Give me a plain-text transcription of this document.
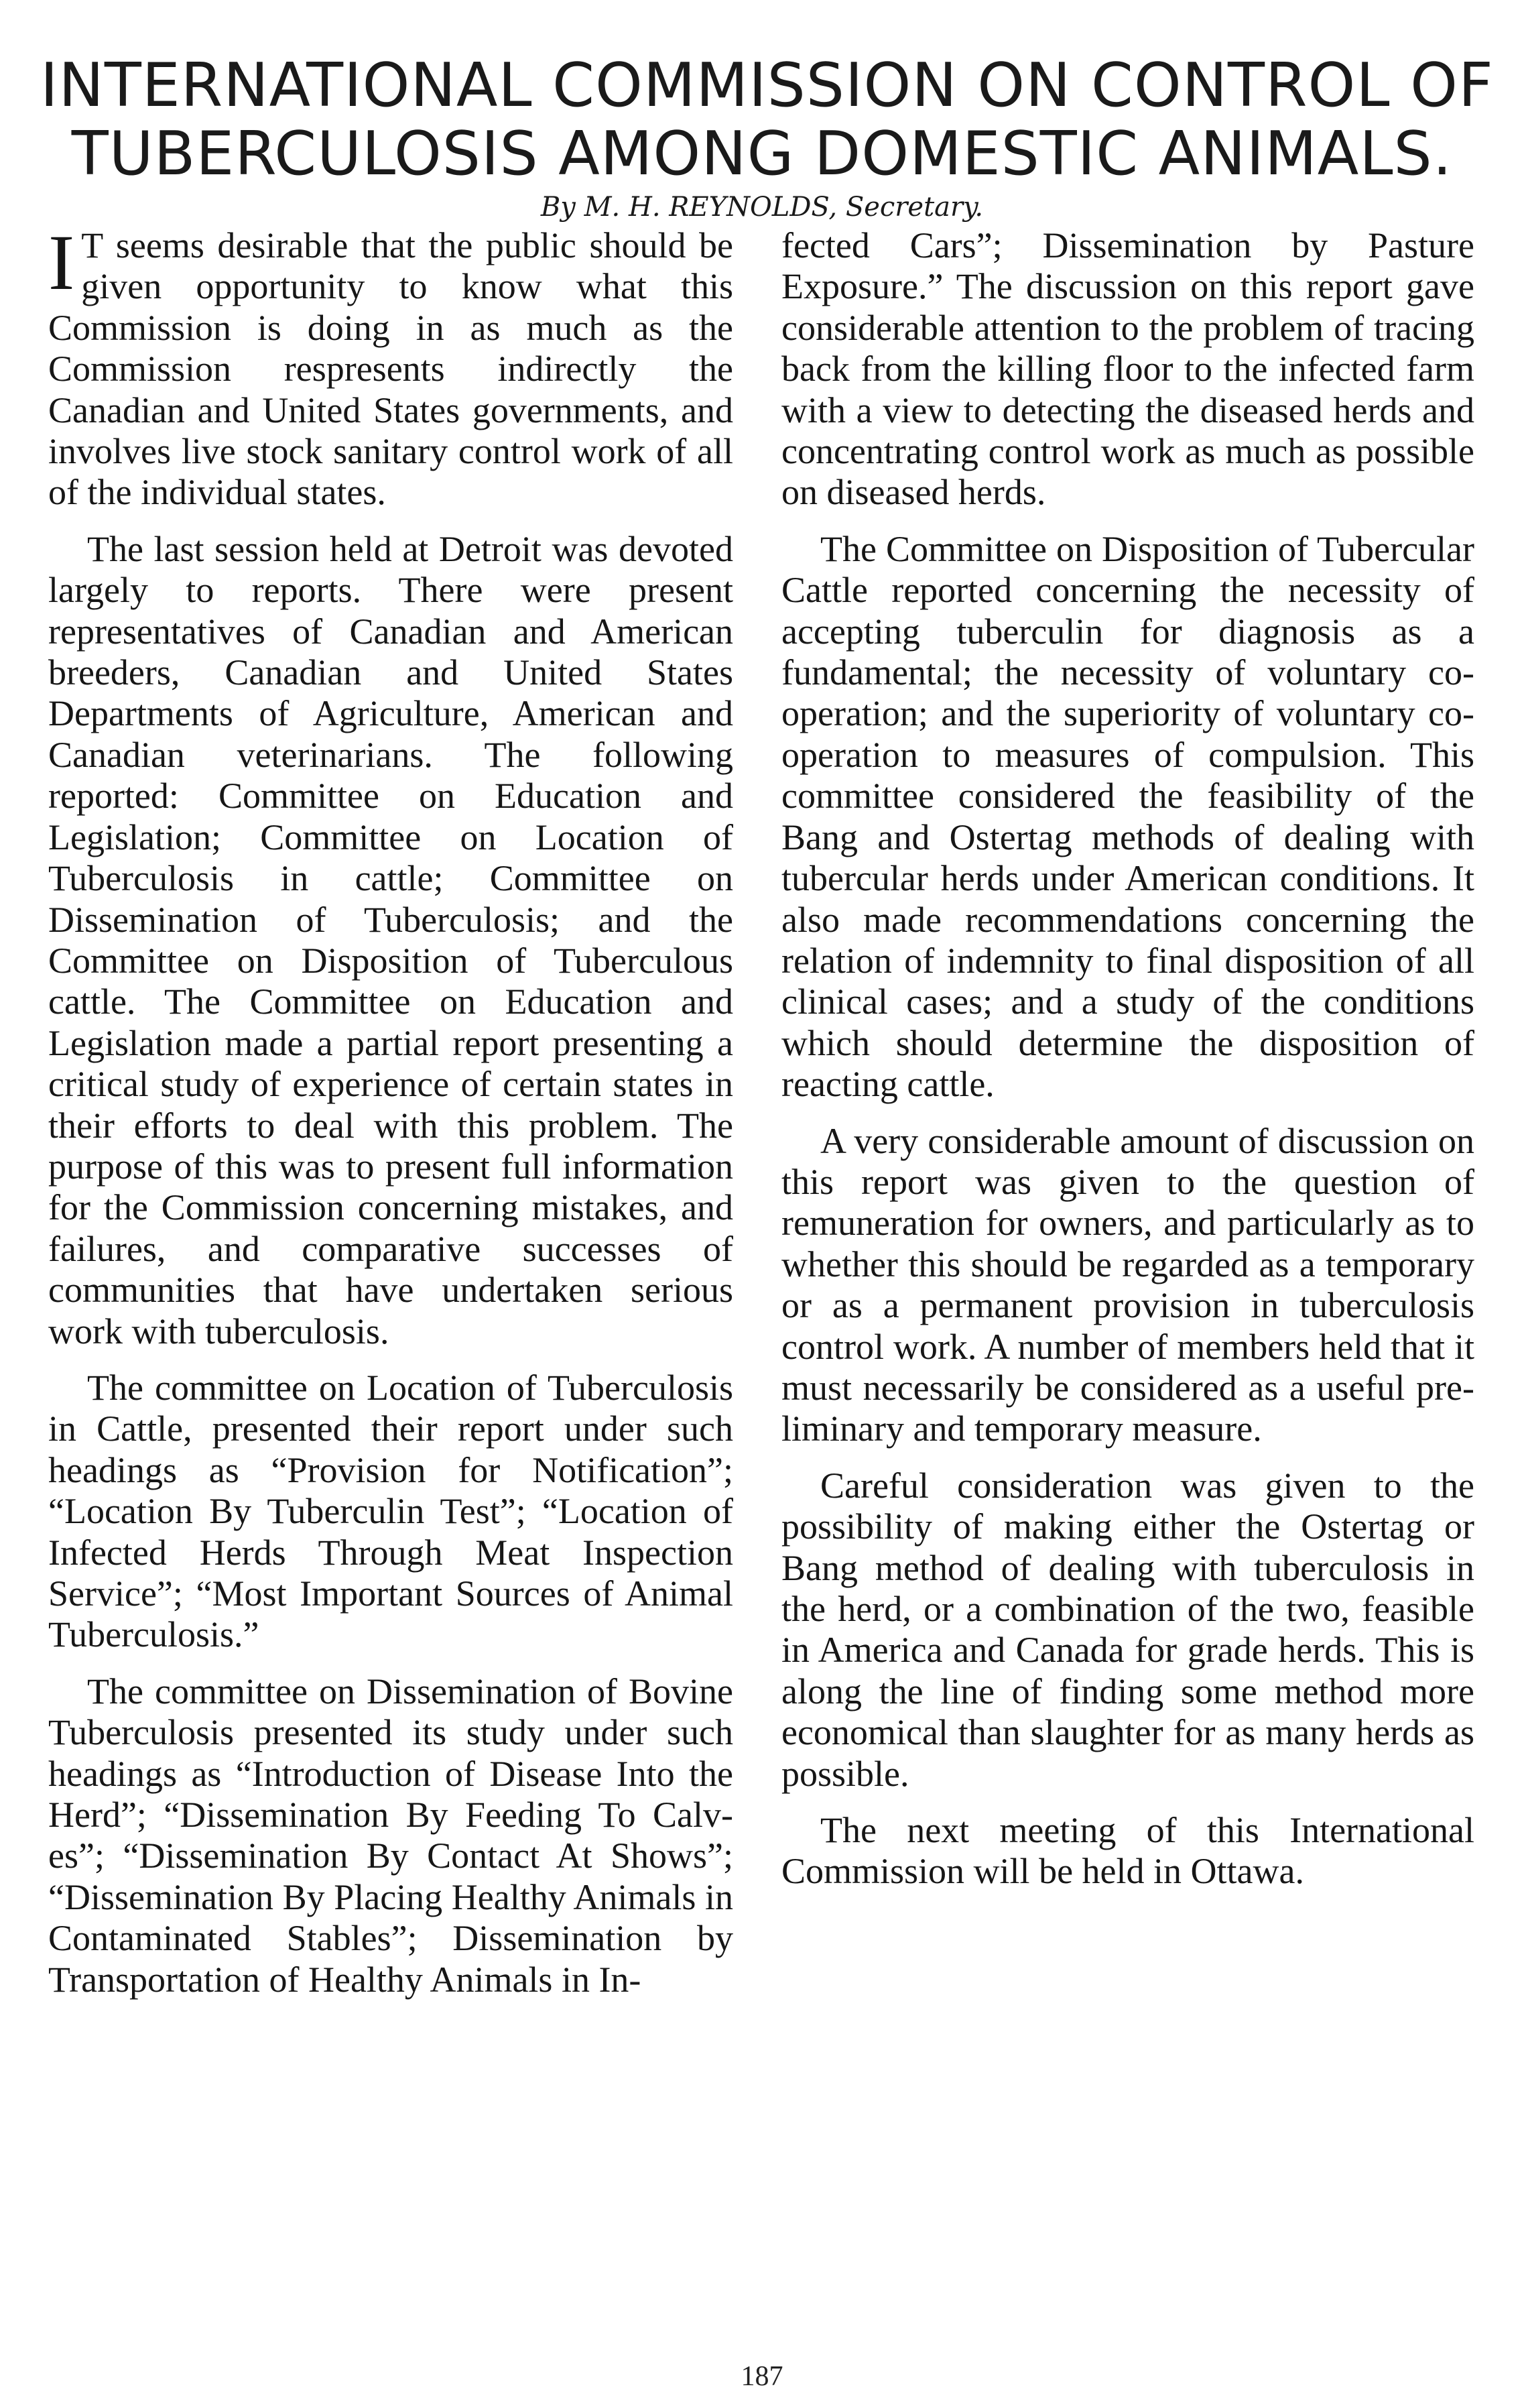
INTERNATIONAL COMMISSION ON CONTROL OF
TUBERCULOSIS AMONG DOMESTIC ANIMALS.
By M. H. REYNOLDS, Secretary.

I T seems desirable that the public should be given opportunity to know what this Commission is doing in as much as the Commission respresents indirectly the Canadian and United States governments, and involves live stock sanitary control work of all of the individual states.

The last session held at Detroit was devoted largely to reports. There were present representatives of Canadian and American breeders, Canadian and United States Departments of Agriculture, American and Canadian veterinarians. The following reported: Committee on Education and Legislation; Committee on Location of Tuberculosis in cattle; Committee on Dissemination of Tuberculosis; and the Committee on Disposition of Tuberculous cattle. The Committee on Education and Legislation made a partial report presenting a critical study of experience of certain states in their efforts to deal with this problem. The purpose of this was to present full information for the Commission concerning mistakes, and failures, and comparative successes of communities that have undertaken serious work with tuberculosis.

The committee on Location of Tuberculosis in Cattle, presented their report under such headings as “Provision for Notification”; “Location By Tuberculin Test”; “Location of Infected Herds Through Meat Inspection Service”; “Most Important Sources of Animal Tuberculosis.”

The committee on Dissemination of Bovine Tuberculosis presented its study under such headings as “Introduction of Disease Into the Herd”; “Dissemination By Feeding To Calves”; “Dissemination By Contact At Shows”; “Dissemination By Placing Healthy Animals in Contaminated Stables”; Dissemination by Transportation of Healthy Animals in In-

fected Cars”; Dissemination by Pasture Exposure.” The discussion on this report gave considerable attention to the problem of tracing back from the killing floor to the infected farm with a view to detecting the diseased herds and concentrating control work as much as possible on diseased herds.

The Committee on Disposition of Tubercular Cattle reported concerning the necessity of accepting tuberculin for diagnosis as a fundamental; the necessity of voluntary co-operation; and the superiority of voluntary co-operation to measures of compulsion. This committee considered the feasibility of the Bang and Ostertag methods of dealing with tubercular herds under American conditions. It also made recommendations concerning the relation of indemnity to final disposition of all clinical cases; and a study of the conditions which should determine the disposition of reacting cattle.

A very considerable amount of discussion on this report was given to the question of remuneration for owners, and particularly as to whether this should be regarded as a temporary or as a permanent provision in tuberculosis control work. A number of members held that it must necessarily be considered as a useful preliminary and temporary measure.

Careful consideration was given to the possibility of making either the Ostertag or Bang method of dealing with tuberculosis in the herd, or a combination of the two, feasible in America and Canada for grade herds. This is along the line of finding some method more economical than slaughter for as many herds as possible.

The next meeting of this International Commission will be held in Ottawa.

187
